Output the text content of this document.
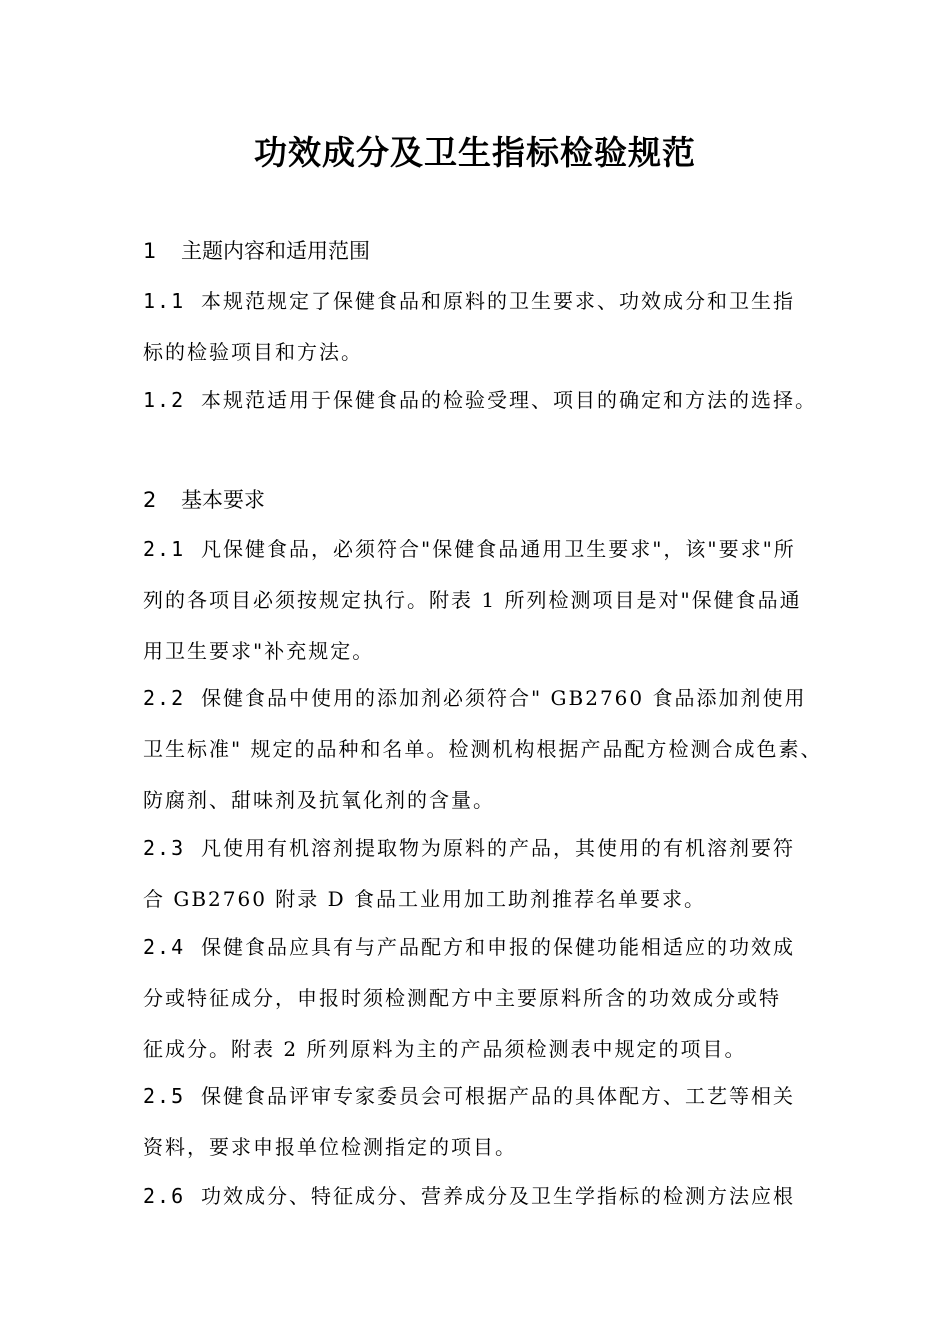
功效成分及卫生指标检验规范
1 主题内容和适用范围
1.1 本规范规定了保健食品和原料的卫生要求、功效成分和卫生指
标的检验项目和方法。
1.2 本规范适用于保健食品的检验受理、项目的确定和方法的选择。
2 基本要求
2.1 凡保健食品，必须符合"保健食品通用卫生要求"，该"要求"所
列的各项目必须按规定执行。附表 1 所列检测项目是对"保健食品通
用卫生要求"补充规定。
2.2 保健食品中使用的添加剂必须符合" GB2760 食品添加剂使用
卫生标准" 规定的品种和名单。检测机构根据产品配方检测合成色素、
防腐剂、甜味剂及抗氧化剂的含量。
2.3 凡使用有机溶剂提取物为原料的产品，其使用的有机溶剂要符
合 GB2760 附录 D 食品工业用加工助剂推荐名单要求。
2.4 保健食品应具有与产品配方和申报的保健功能相适应的功效成
分或特征成分，申报时须检测配方中主要原料所含的功效成分或特
征成分。附表 2 所列原料为主的产品须检测表中规定的项目。
2.5 保健食品评审专家委员会可根据产品的具体配方、工艺等相关
资料，要求申报单位检测指定的项目。
2.6 功效成分、特征成分、营养成分及卫生学指标的检测方法应根
